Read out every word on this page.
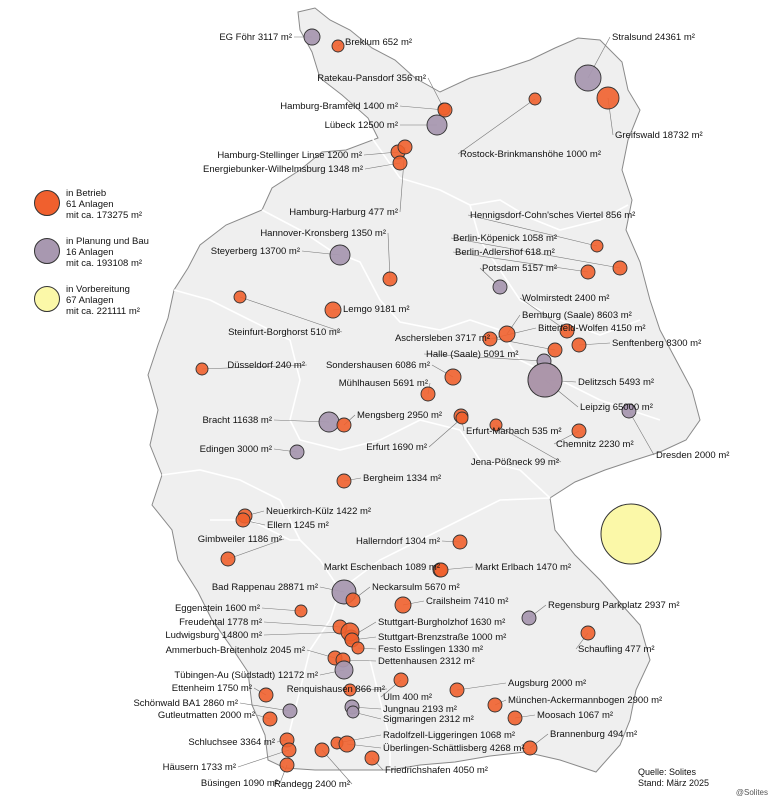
EG Föhr 3117 m²	Breklum 652 m²	Stralsund 24361 m²
Ratekau-Pansdorf 356 m²
Hamburg-Bramfeld 1400 m²
Lübeck 12500 m²
Greifswald 18732 m²
Rostock-Brinkmanshöhe 1000 m²
Hamburg-Stellinger Linse 1200 m²
Energiebunker-Wilhelmsburg 1348 m²
Hamburg-Harburg 477 m²	Hennigsdorf-Cohn'sches Viertel 856 m²
Hannover-Kronsberg 1350 m²	Berlin-Köpenick 1058 m²
Berlin-Adlershof 618 m²
Steyerberg 13700 m²
Potsdam 5157 m²
Wolmirstedt 2400 m²
Lemgo 9181 m²
Steinfurt-Borghorst 510 m²
Bernburg (Saale) 8603 m²
Bitterfeld-Wolfen 4150 m²
Aschersleben 3717 m²	Senftenberg 8300 m²
Halle (Saale) 5091 m²
Düsseldorf 240 m² Sondershausen 6086 m²
Mühlhausen 5691 m²	Delitzsch 5493 m²
Leipzig 65000 m²
Bracht 11638 m²	Mengsberg 2950 m²
Erfurt-Marbach 535 m²
Erfurt 1690 m²
Edingen 3000 m²	Chemnitz 2230 m²
Dresden 2000 m²
Jena-Pößneck 99 m²
Bergheim 1334 m²
Neuerkirch-Külz 1422 m²
Ellern 1245 m²
Gimbweiler 1186 m²	Hallerndorf 1304 m²
Markt Eschenbach 1089 m²	Markt Erlbach 1470 m²
Bad Rappenau 28871 m²	Neckarsulm 5670 m²
Crailsheim 7410 m²	Regensburg Parkplatz 2937 m²
Eggenstein 1600 m²
Freudental 1778 m²	Stuttgart-Burgholzhof 1630 m²
Ludwigsburg 14800 m²	Stuttgart-Brenzstraße 1000 m²
Schaufling 477 m²
Ammerbuch-Breitenholz 2045 m²	Festo Esslingen 1330 m²
Dettenhausen 2312 m²
Tübingen-Au (Südstadt) 12172 m²
Augsburg 2000 m²
Ettenheim 1750 m²	Renquishausen 866 m²
Ulm 400 m²	München-Ackermannbogen 2900 m²
Schönwald BA1 2860 m²
Jungnau 2193 m²
Gutleutmatten 2000 m²	Sigmaringen 2312 m²	Moosach 1067 m²
Radolfzell-Liggeringen 1068 m²	Brannenburg 494 m²
Schluchsee 3364 m²
Überlingen-Schättlisberg 4268 m²
Häusern 1733 m²	Friedrichshafen 4050 m²
Büsingen 1090 m²
Randegg 2400 m²
in Betrieb
61 Anlagen
mit ca. 173275 m²
in Planung und Bau
16 Anlagen
mit ca. 193108 m²
in Vorbereitung
67 Anlagen
mit ca. 221111 m²
Quelle: Solites
Stand: März 2025
@Solites
